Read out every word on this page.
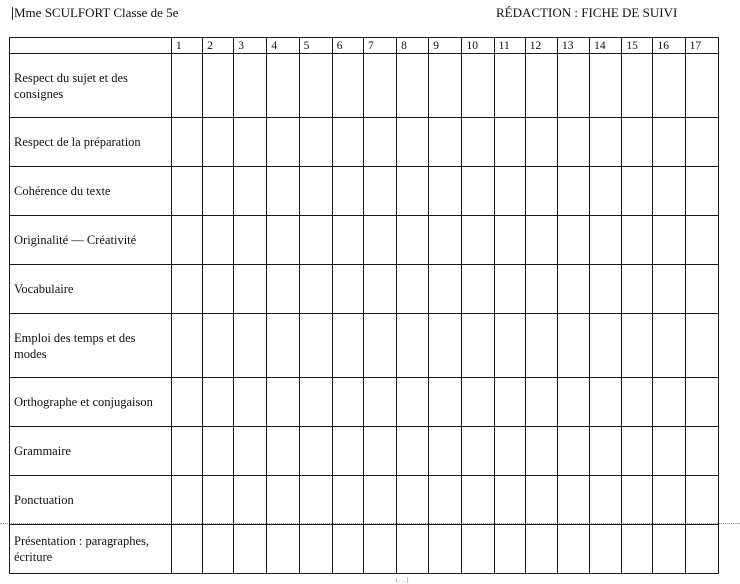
Mme SCULFORT Classe de 5e	RÉDACTION : FICHE DE SUIVI
	1	2	3	4	5	6	7	8	9	10	11	12	13	14	15	16	17
Respect du sujet et des consignes																	
Respect de la préparation																	
Cohérence du texte																	
Originalité — Créativité																	
Vocabulaire																	
Emploi des temps et des modes																	
Orthographe et conjugaison																	
Grammaire																	
Ponctuation																	
Présentation : paragraphes, écriture																	
[...]
